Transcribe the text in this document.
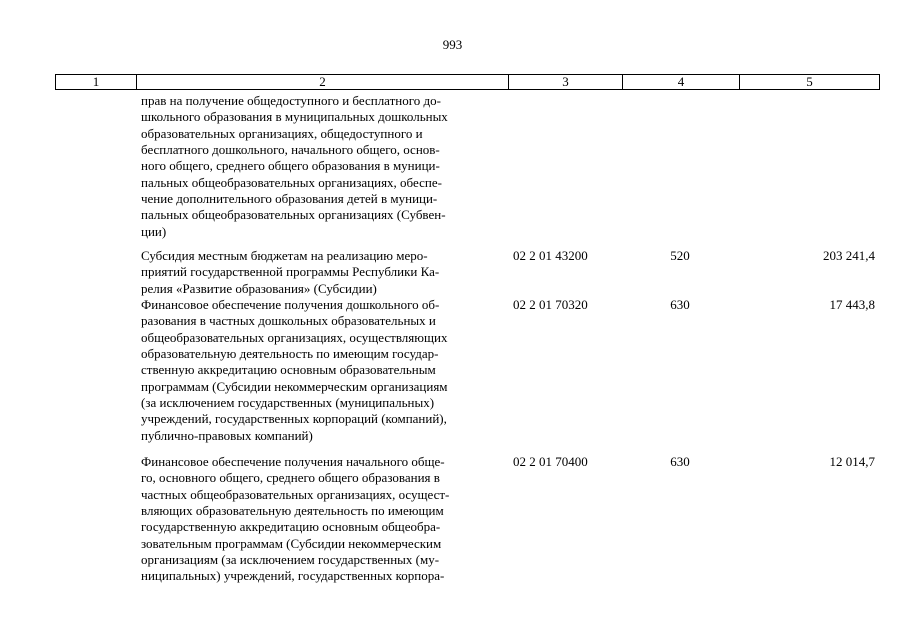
993
1	2	3	4	5
прав на получение общедоступного и бесплатного до-
школьного образования в муниципальных дошкольных
образовательных организациях, общедоступного и
бесплатного дошкольного, начального общего, основ-
ного общего, среднего общего образования в муници-
пальных общеобразовательных организациях, обеспе-
чение дополнительного образования детей в муници-
пальных общеобразовательных организациях (Субвен-
ции)
Субсидия местным бюджетам на реализацию меро-
приятий государственной программы Республики Ка-
релия «Развитие образования» (Субсидии)
02 2 01 43200	520	203 241,4
Финансовое обеспечение получения дошкольного об-
разования в частных дошкольных образовательных и
общеобразовательных организациях, осуществляющих
образовательную деятельность по имеющим государ-
ственную аккредитацию основным образовательным
программам (Субсидии некоммерческим организациям
(за исключением государственных (муниципальных)
учреждений, государственных корпораций (компаний),
публично-правовых компаний)
02 2 01 70320	630	17 443,8
Финансовое обеспечение получения начального обще-
го, основного общего, среднего общего образования в
частных общеобразовательных организациях, осущест-
вляющих образовательную деятельность по имеющим
государственную аккредитацию основным общеобра-
зовательным программам (Субсидии некоммерческим
организациям (за исключением государственных (му-
ниципальных) учреждений, государственных корпора-
02 2 01 70400	630	12 014,7
